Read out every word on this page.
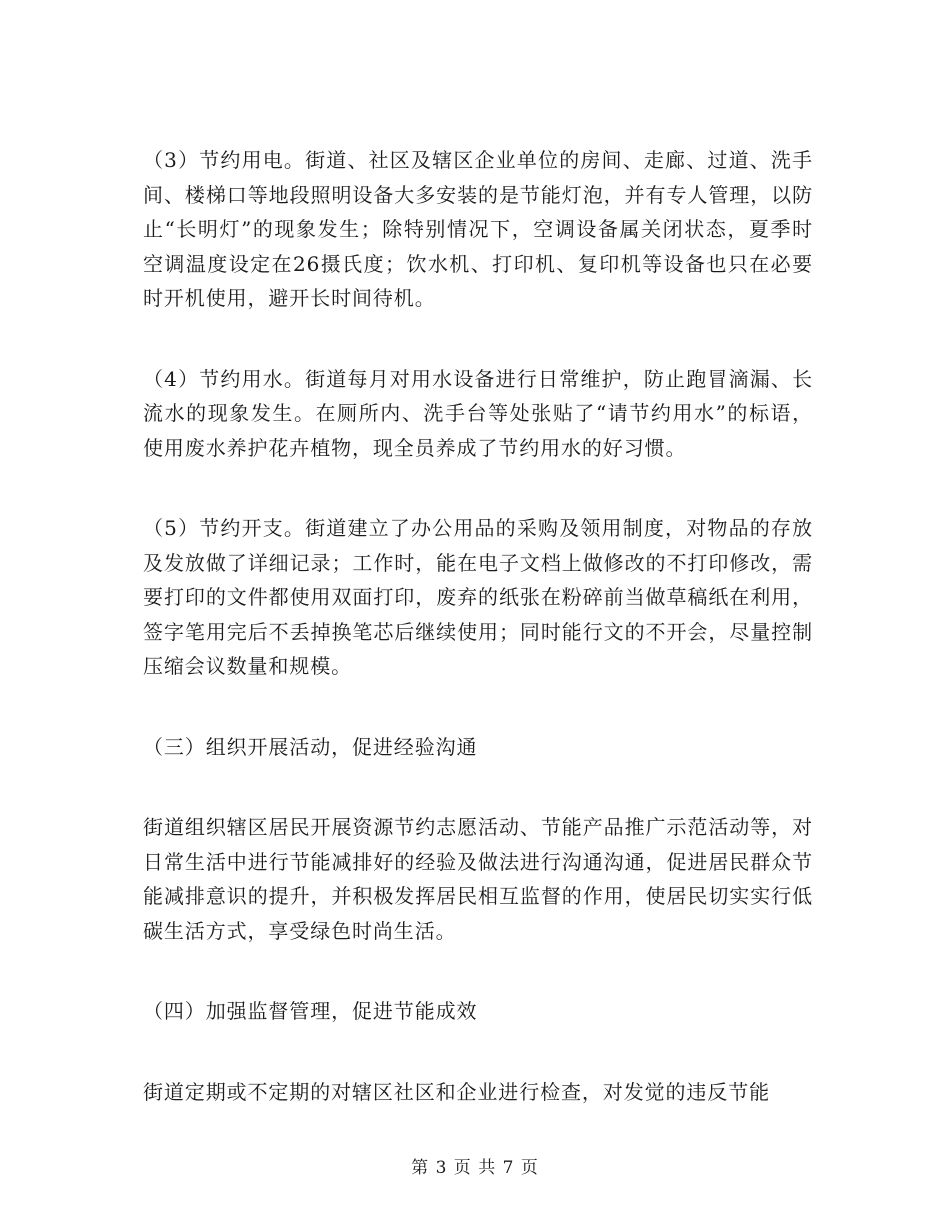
（3）节约用电。街道、社区及辖区企业单位的房间、走廊、过道、洗手间、楼梯口等地段照明设备大多安装的是节能灯泡，并有专人管理，以防止“长明灯”的现象发生；除特别情况下，空调设备属关闭状态，夏季时空调温度设定在26摄氏度；饮水机、打印机、复印机等设备也只在必要时开机使用，避开长时间待机。

（4）节约用水。街道每月对用水设备进行日常维护，防止跑冒滴漏、长流水的现象发生。在厕所内、洗手台等处张贴了“请节约用水”的标语，使用废水养护花卉植物，现全员养成了节约用水的好习惯。

（5）节约开支。街道建立了办公用品的采购及领用制度，对物品的存放及发放做了详细记录；工作时，能在电子文档上做修改的不打印修改，需要打印的文件都使用双面打印，废弃的纸张在粉碎前当做草稿纸在利用，签字笔用完后不丢掉换笔芯后继续使用；同时能行文的不开会，尽量控制压缩会议数量和规模。

（三）组织开展活动，促进经验沟通

街道组织辖区居民开展资源节约志愿活动、节能产品推广示范活动等，对日常生活中进行节能减排好的经验及做法进行沟通沟通，促进居民群众节能减排意识的提升，并积极发挥居民相互监督的作用，使居民切实实行低碳生活方式，享受绿色时尚生活。

（四）加强监督管理，促进节能成效

街道定期或不定期的对辖区社区和企业进行检查，对发觉的违反节能

第 3 页 共 7 页
